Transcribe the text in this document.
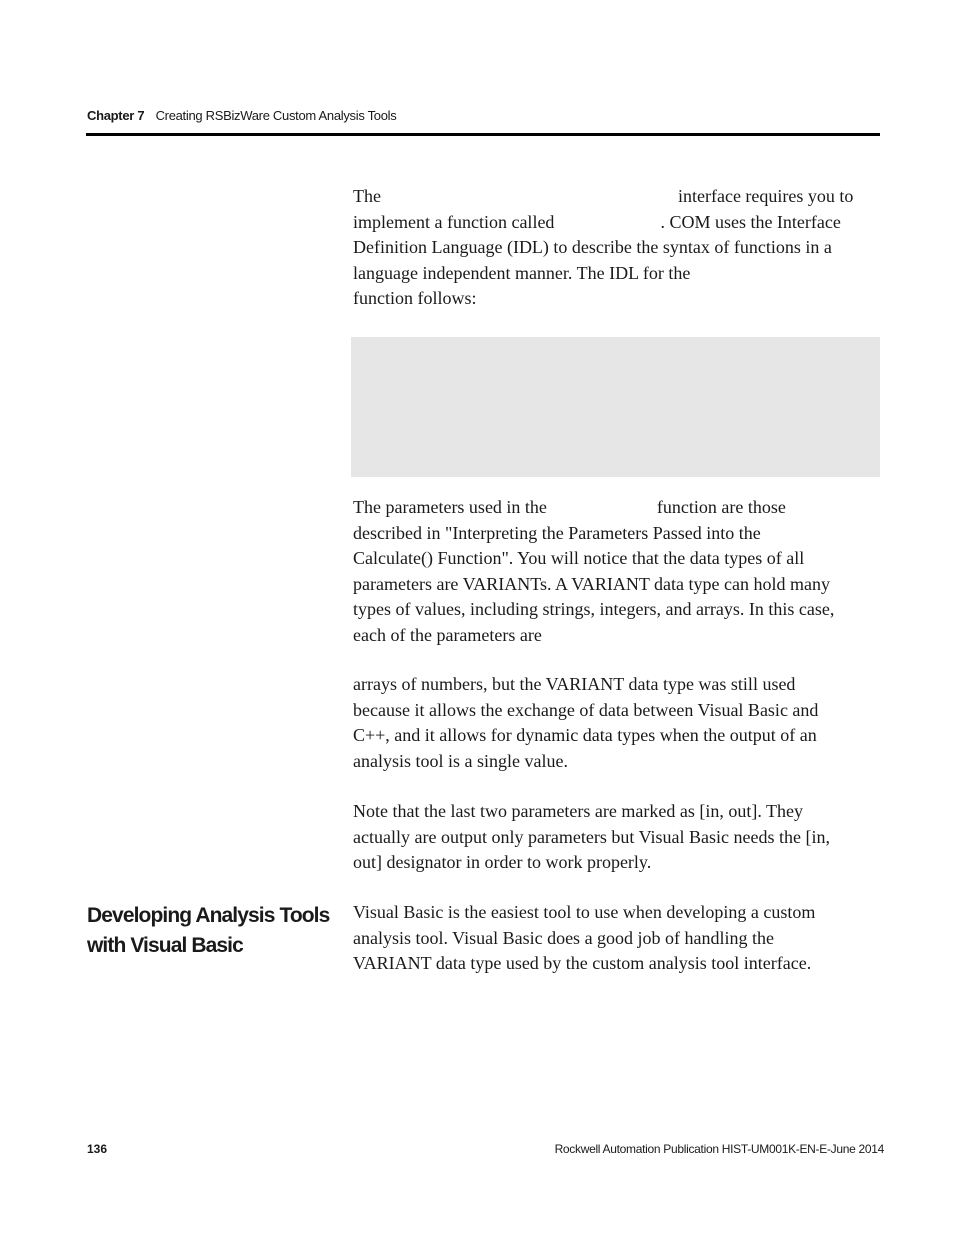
Chapter 7 Creating RSBizWare Custom Analysis Tools
The	interface requires you to
implement a function called	. COM uses the Interface
Definition Language (IDL) to describe the syntax of functions in a
language independent manner. The IDL for the
function follows:
The parameters used in the	function are those
described in "Interpreting the Parameters Passed into the
Calculate() Function". You will notice that the data types of all
parameters are VARIANTs. A VARIANT data type can hold many
types of values, including strings, integers, and arrays. In this case,
each of the parameters are
arrays of numbers, but the VARIANT data type was still used
because it allows the exchange of data between Visual Basic and
C++, and it allows for dynamic data types when the output of an
analysis tool is a single value.
Note that the last two parameters are marked as [in, out]. They
actually are output only parameters but Visual Basic needs the [in,
out] designator in order to work properly.
Developing Analysis Tools
with Visual Basic
Visual Basic is the easiest tool to use when developing a custom
analysis tool. Visual Basic does a good job of handling the
VARIANT data type used by the custom analysis tool interface.
136	Rockwell Automation Publication HIST-UM001K-EN-E-June 2014
